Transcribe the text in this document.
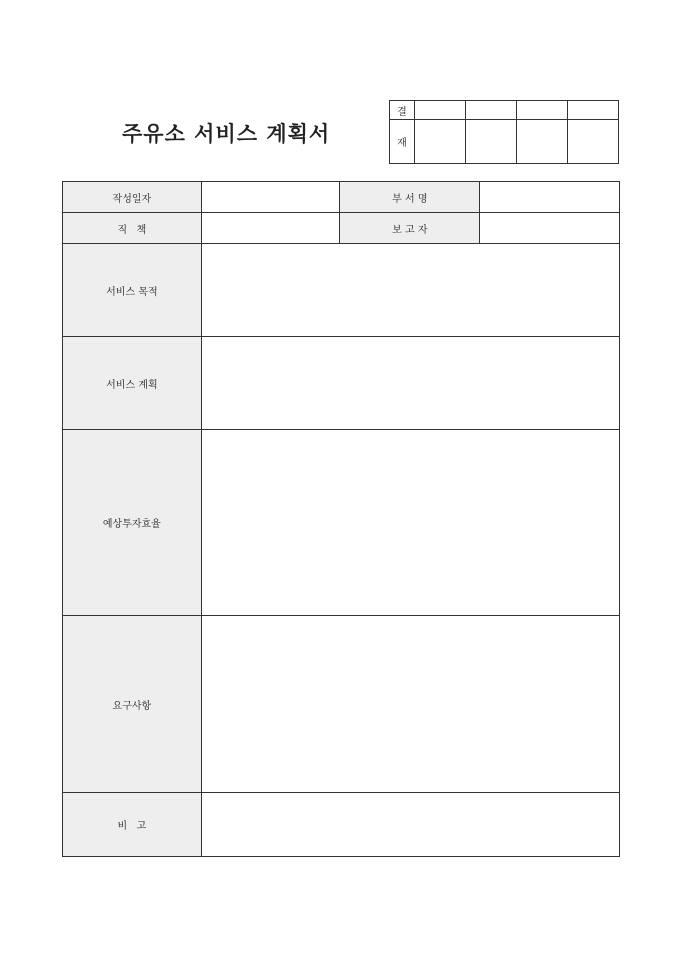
주유소 서비스 계획서
결				
재				
작성일자		부 서 명	
직   책		보 고 자	
서비스 목적			
서비스 계획			
예상투자효율			
요구사항			
비   고			
